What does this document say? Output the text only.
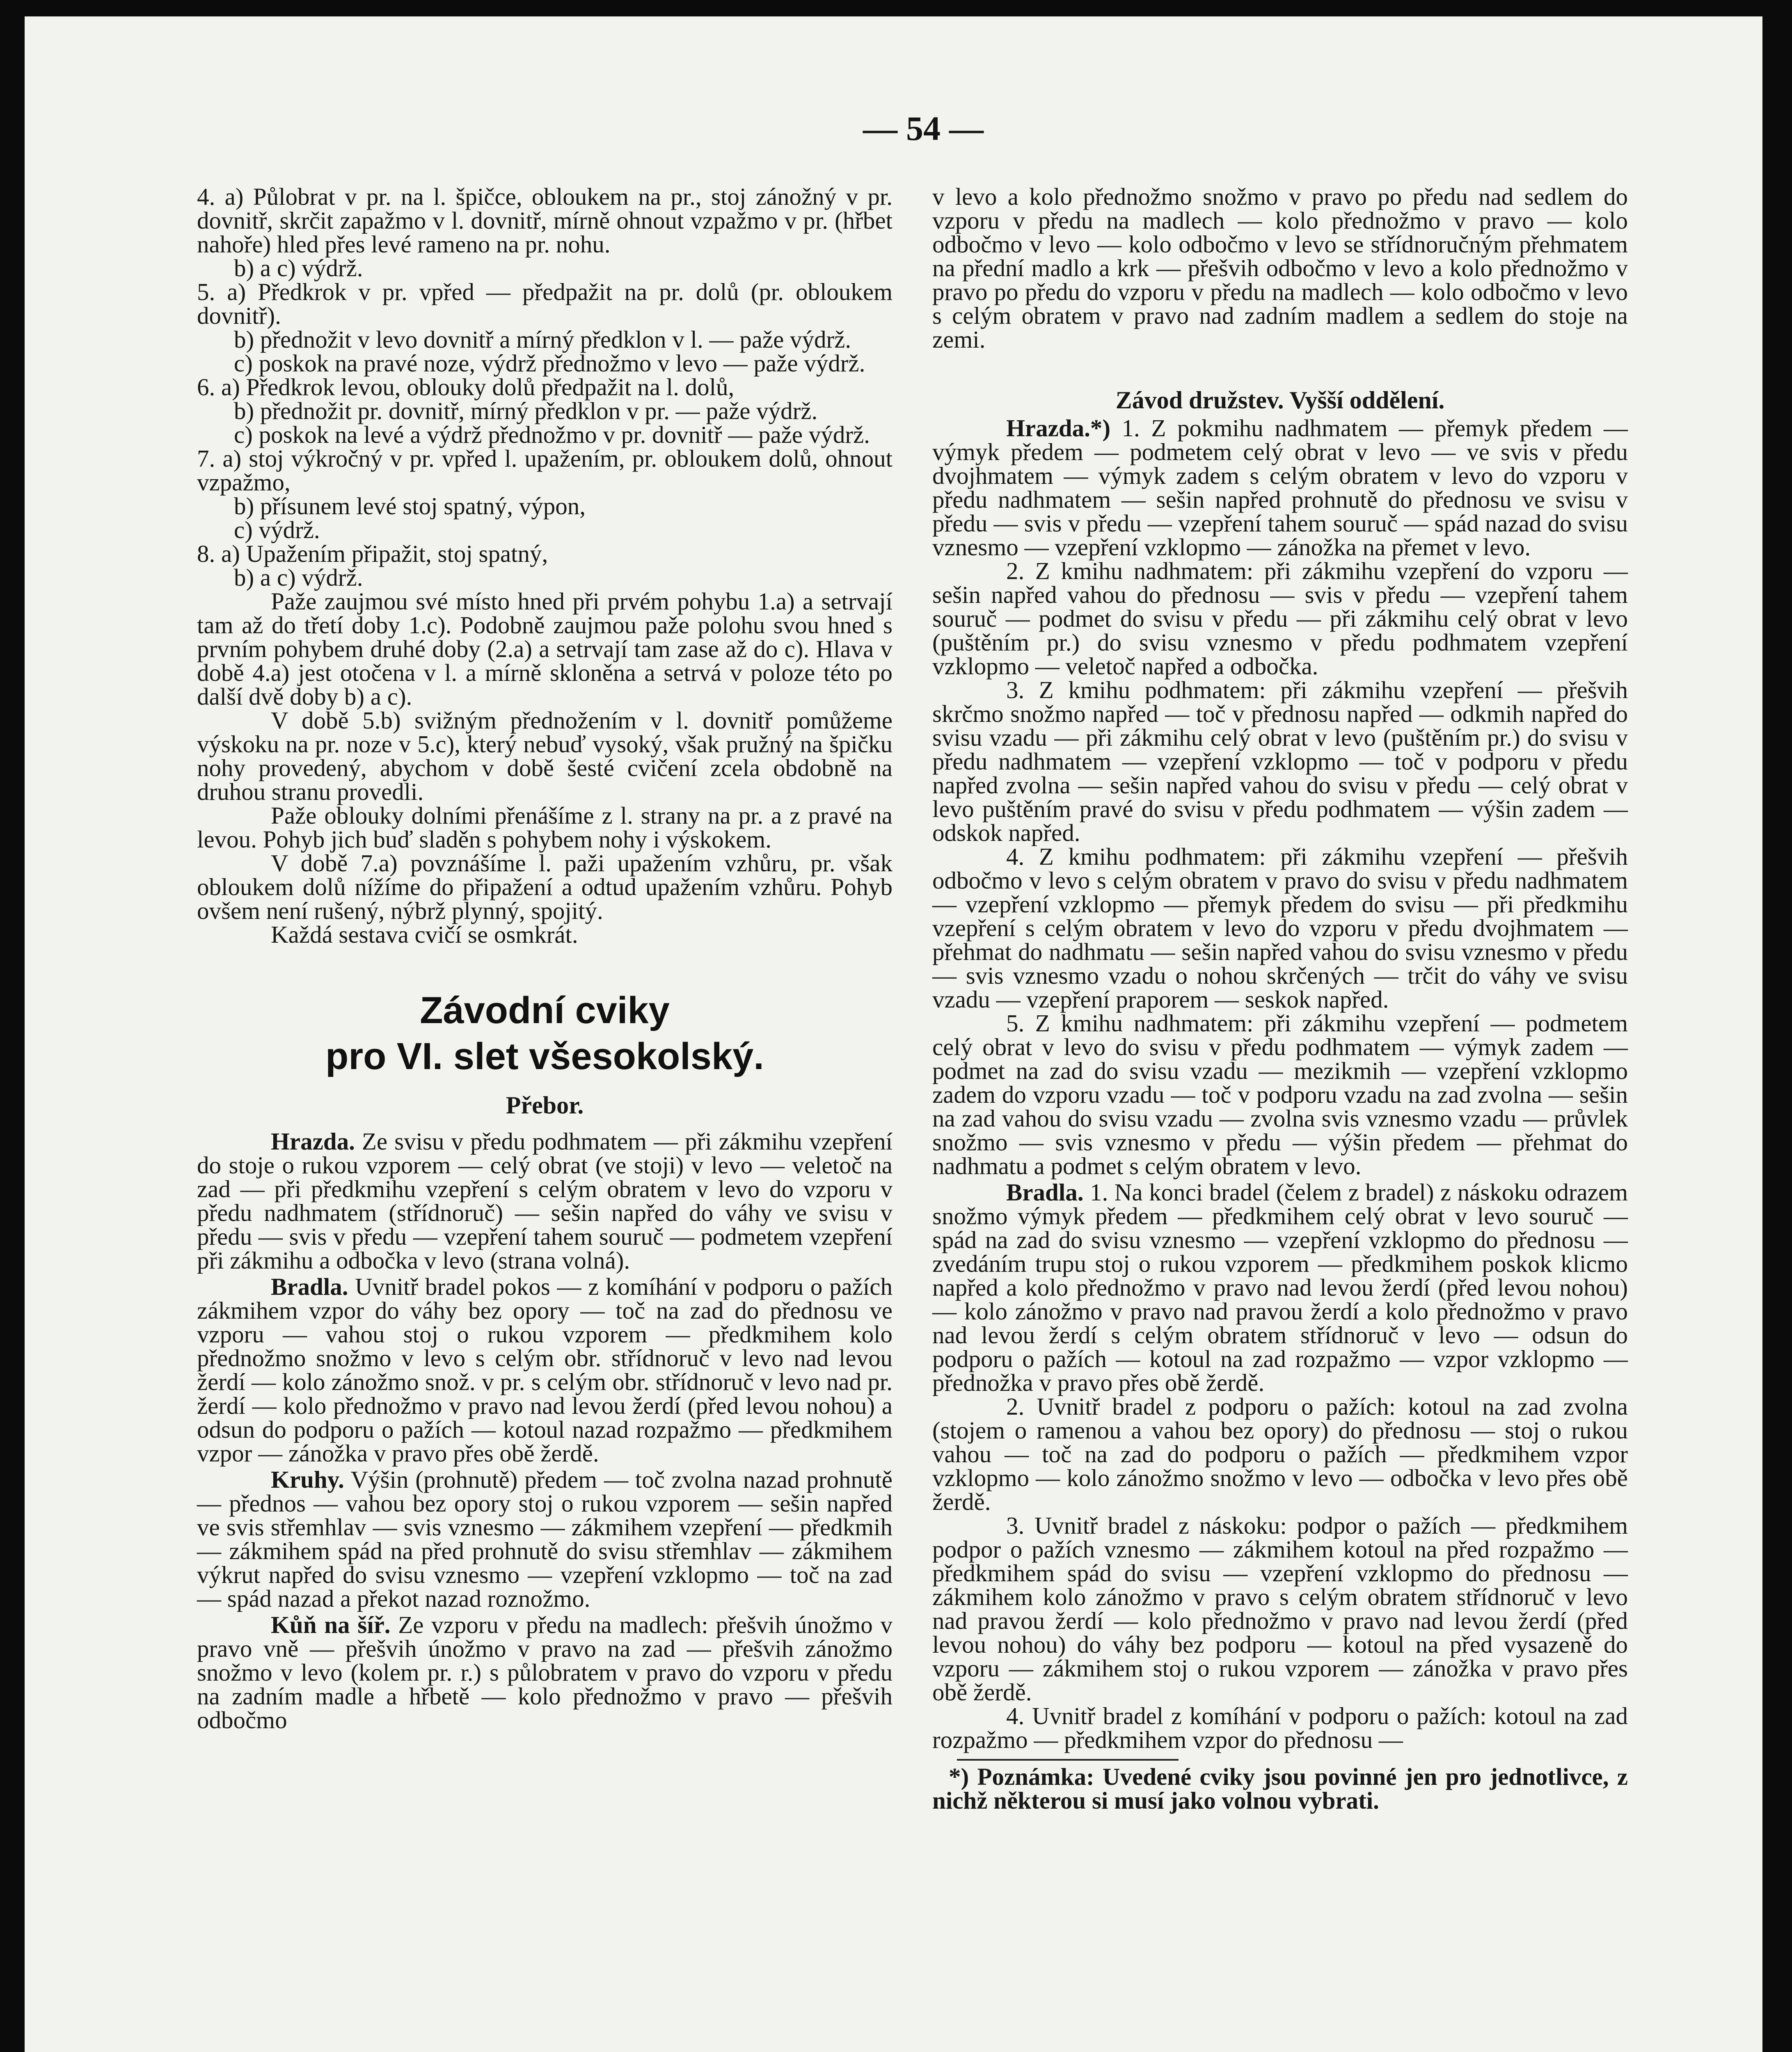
— 54 —

4. a) Půlobrat v pr. na l. špičce, obloukem na pr., stoj zánožný v pr. dovnitř, skrčit zapažmo v l. dovnitř, mírně ohnout vzpažmo v pr. (hřbet nahoře) hled přes levé rameno na pr. nohu.

b) a c) výdrž.

5. a) Předkrok v pr. vpřed — předpažit na pr. dolů (pr. obloukem dovnitř).

b) přednožit v levo dovnitř a mírný předklon v l. — paže výdrž.

c) poskok na pravé noze, výdrž přednožmo v levo — paže výdrž.

6. a) Předkrok levou, oblouky dolů předpažit na l. dolů,

b) přednožit pr. dovnitř, mírný předklon v pr. — paže výdrž.

c) poskok na levé a výdrž přednožmo v pr. dovnitř — paže výdrž.

7. a) stoj výkročný v pr. vpřed l. upažením, pr. obloukem dolů, ohnout vzpažmo,

b) přísunem levé stoj spatný, výpon,

c) výdrž.

8. a) Upažením připažit, stoj spatný,

b) a c) výdrž.

Paže zaujmou své místo hned při prvém pohybu 1.a) a setrvají tam až do třetí doby 1.c). Podobně zaujmou paže polohu svou hned s prvním pohybem druhé doby (2.a) a setrvají tam zase až do c). Hlava v době 4.a) jest otočena v l. a mírně skloněna a setrvá v poloze této po další dvě doby b) a c).

V době 5.b) svižným přednožením v l. dovnitř pomůžeme výskoku na pr. noze v 5.c), který nebuď vysoký, však pružný na špičku nohy provedený, abychom v době šesté cvičení zcela obdobně na druhou stranu provedli.

Paže oblouky dolními přenášíme z l. strany na pr. a z pravé na levou. Pohyb jich buď sladěn s pohybem nohy i výskokem.

V době 7.a) povznášíme l. paži upažením vzhůru, pr. však obloukem dolů nížíme do připažení a odtud upažením vzhůru. Pohyb ovšem není rušený, nýbrž plynný, spojitý.

Každá sestava cvičí se osmkrát.

Závodní cviky
pro VI. slet všesokolský.
Přebor.

Hrazda. Ze svisu v předu podhmatem — při zákmihu vzepření do stoje o rukou vzporem — celý obrat (ve stoji) v levo — veletoč na zad — při předkmihu vzepření s celým obratem v levo do vzporu v předu nadhmatem (střídnoruč) — sešin napřed do váhy ve svisu v předu — svis v předu — vzepření tahem souruč — podmetem vzepření při zákmihu a odbočka v levo (strana volná).

Bradla. Uvnitř bradel pokos — z komíhání v podporu o pažích zákmihem vzpor do váhy bez opory — toč na zad do přednosu ve vzporu — vahou stoj o rukou vzporem — předkmihem kolo přednožmo snožmo v levo s celým obr. střídnoruč v levo nad levou žerdí — kolo zánožmo snož. v pr. s celým obr. střídnoruč v levo nad pr. žerdí — kolo přednožmo v pravo nad levou žerdí (před levou nohou) a odsun do podporu o pažích — kotoul nazad rozpažmo — předkmihem vzpor — zánožka v pravo přes obě žerdě.

Kruhy. Výšin (prohnutě) předem — toč zvolna nazad prohnutě — přednos — vahou bez opory stoj o rukou vzporem — sešin napřed ve svis střemhlav — svis vznesmo — zákmihem vzepření — předkmih — zákmihem spád na před prohnutě do svisu střemhlav — zákmihem výkrut napřed do svisu vznesmo — vzepření vzklopmo — toč na zad — spád nazad a překot nazad roznožmo.

Kůň na šíř. Ze vzporu v předu na madlech: přešvih únožmo v pravo vně — přešvih únožmo v pravo na zad — přešvih zánožmo snožmo v levo (kolem pr. r.) s půlobratem v pravo do vzporu v předu na zadním madle a hřbetě — kolo přednožmo v pravo — přešvih odbočmo

v levo a kolo přednožmo snožmo v pravo po předu nad sedlem do vzporu v předu na madlech — kolo přednožmo v pravo — kolo odbočmo v levo — kolo odbočmo v levo se střídnoručným přehmatem na přední madlo a krk — přešvih odbočmo v levo a kolo přednožmo v pravo po předu do vzporu v předu na madlech — kolo odbočmo v levo s celým obratem v pravo nad zadním madlem a sedlem do stoje na zemi.

Závod družstev. Vyšší oddělení.

Hrazda.*) 1. Z pokmihu nadhmatem — přemyk předem — výmyk předem — podmetem celý obrat v levo — ve svis v předu dvojhmatem — výmyk zadem s celým obratem v levo do vzporu v předu nadhmatem — sešin napřed prohnutě do přednosu ve svisu v předu — svis v předu — vzepření tahem souruč — spád nazad do svisu vznesmo — vzepření vzklopmo — zánožka na přemet v levo.

2. Z kmihu nadhmatem: při zákmihu vzepření do vzporu — sešin napřed vahou do přednosu — svis v předu — vzepření tahem souruč — podmet do svisu v předu — při zákmihu celý obrat v levo (puštěním pr.) do svisu vznesmo v předu podhmatem vzepření vzklopmo — veletoč napřed a odbočka.

3. Z kmihu podhmatem: při zákmihu vzepření — přešvih skrčmo snožmo napřed — toč v přednosu napřed — odkmih napřed do svisu vzadu — při zákmihu celý obrat v levo (puštěním pr.) do svisu v předu nadhmatem — vzepření vzklopmo — toč v podporu v předu napřed zvolna — sešin napřed vahou do svisu v předu — celý obrat v levo puštěním pravé do svisu v předu podhmatem — výšin zadem — odskok napřed.

4. Z kmihu podhmatem: při zákmihu vzepření — přešvih odbočmo v levo s celým obratem v pravo do svisu v předu nadhmatem — vzepření vzklopmo — přemyk předem do svisu — při předkmihu vzepření s celým obratem v levo do vzporu v předu dvojhmatem — přehmat do nadhmatu — sešin napřed vahou do svisu vznesmo v předu — svis vznesmo vzadu o nohou skrčených — trčit do váhy ve svisu vzadu — vzepření praporem — seskok napřed.

5. Z kmihu nadhmatem: při zákmihu vzepření — podmetem celý obrat v levo do svisu v předu podhmatem — výmyk zadem — podmet na zad do svisu vzadu — mezikmih — vzepření vzklopmo zadem do vzporu vzadu — toč v podporu vzadu na zad zvolna — sešin na zad vahou do svisu vzadu — zvolna svis vznesmo vzadu — průvlek snožmo — svis vznesmo v předu — výšin předem — přehmat do nadhmatu a podmet s celým obratem v levo.

Bradla. 1. Na konci bradel (čelem z bradel) z náskoku odrazem snožmo výmyk předem — předkmihem celý obrat v levo souruč — spád na zad do svisu vznesmo — vzepření vzklopmo do přednosu — zvedáním trupu stoj o rukou vzporem — předkmihem poskok klicmo napřed a kolo přednožmo v pravo nad levou žerdí (před levou nohou) — kolo zánožmo v pravo nad pravou žerdí a kolo přednožmo v pravo nad levou žerdí s celým obratem střídnoruč v levo — odsun do podporu o pažích — kotoul na zad rozpažmo — vzpor vzklopmo — přednožka v pravo přes obě žerdě.

2. Uvnitř bradel z podporu o pažích: kotoul na zad zvolna (stojem o ramenou a vahou bez opory) do přednosu — stoj o rukou vahou — toč na zad do podporu o pažích — předkmihem vzpor vzklopmo — kolo zánožmo snožmo v levo — odbočka v levo přes obě žerdě.

3. Uvnitř bradel z náskoku: podpor o pažích — předkmihem podpor o pažích vznesmo — zákmihem kotoul na před rozpažmo — předkmihem spád do svisu — vzepření vzklopmo do přednosu — zákmihem kolo zánožmo v pravo s celým obratem střídnoruč v levo nad pravou žerdí — kolo přednožmo v pravo nad levou žerdí (před levou nohou) do váhy bez podporu — kotoul na před vysazeně do vzporu — zákmihem stoj o rukou vzporem — zánožka v pravo přes obě žerdě.

4. Uvnitř bradel z komíhání v podporu o pažích: kotoul na zad rozpažmo — předkmihem vzpor do přednosu —

*) Poznámka: Uvedené cviky jsou povinné jen pro jednotlivce, z nichž některou si musí jako volnou vybrati.
